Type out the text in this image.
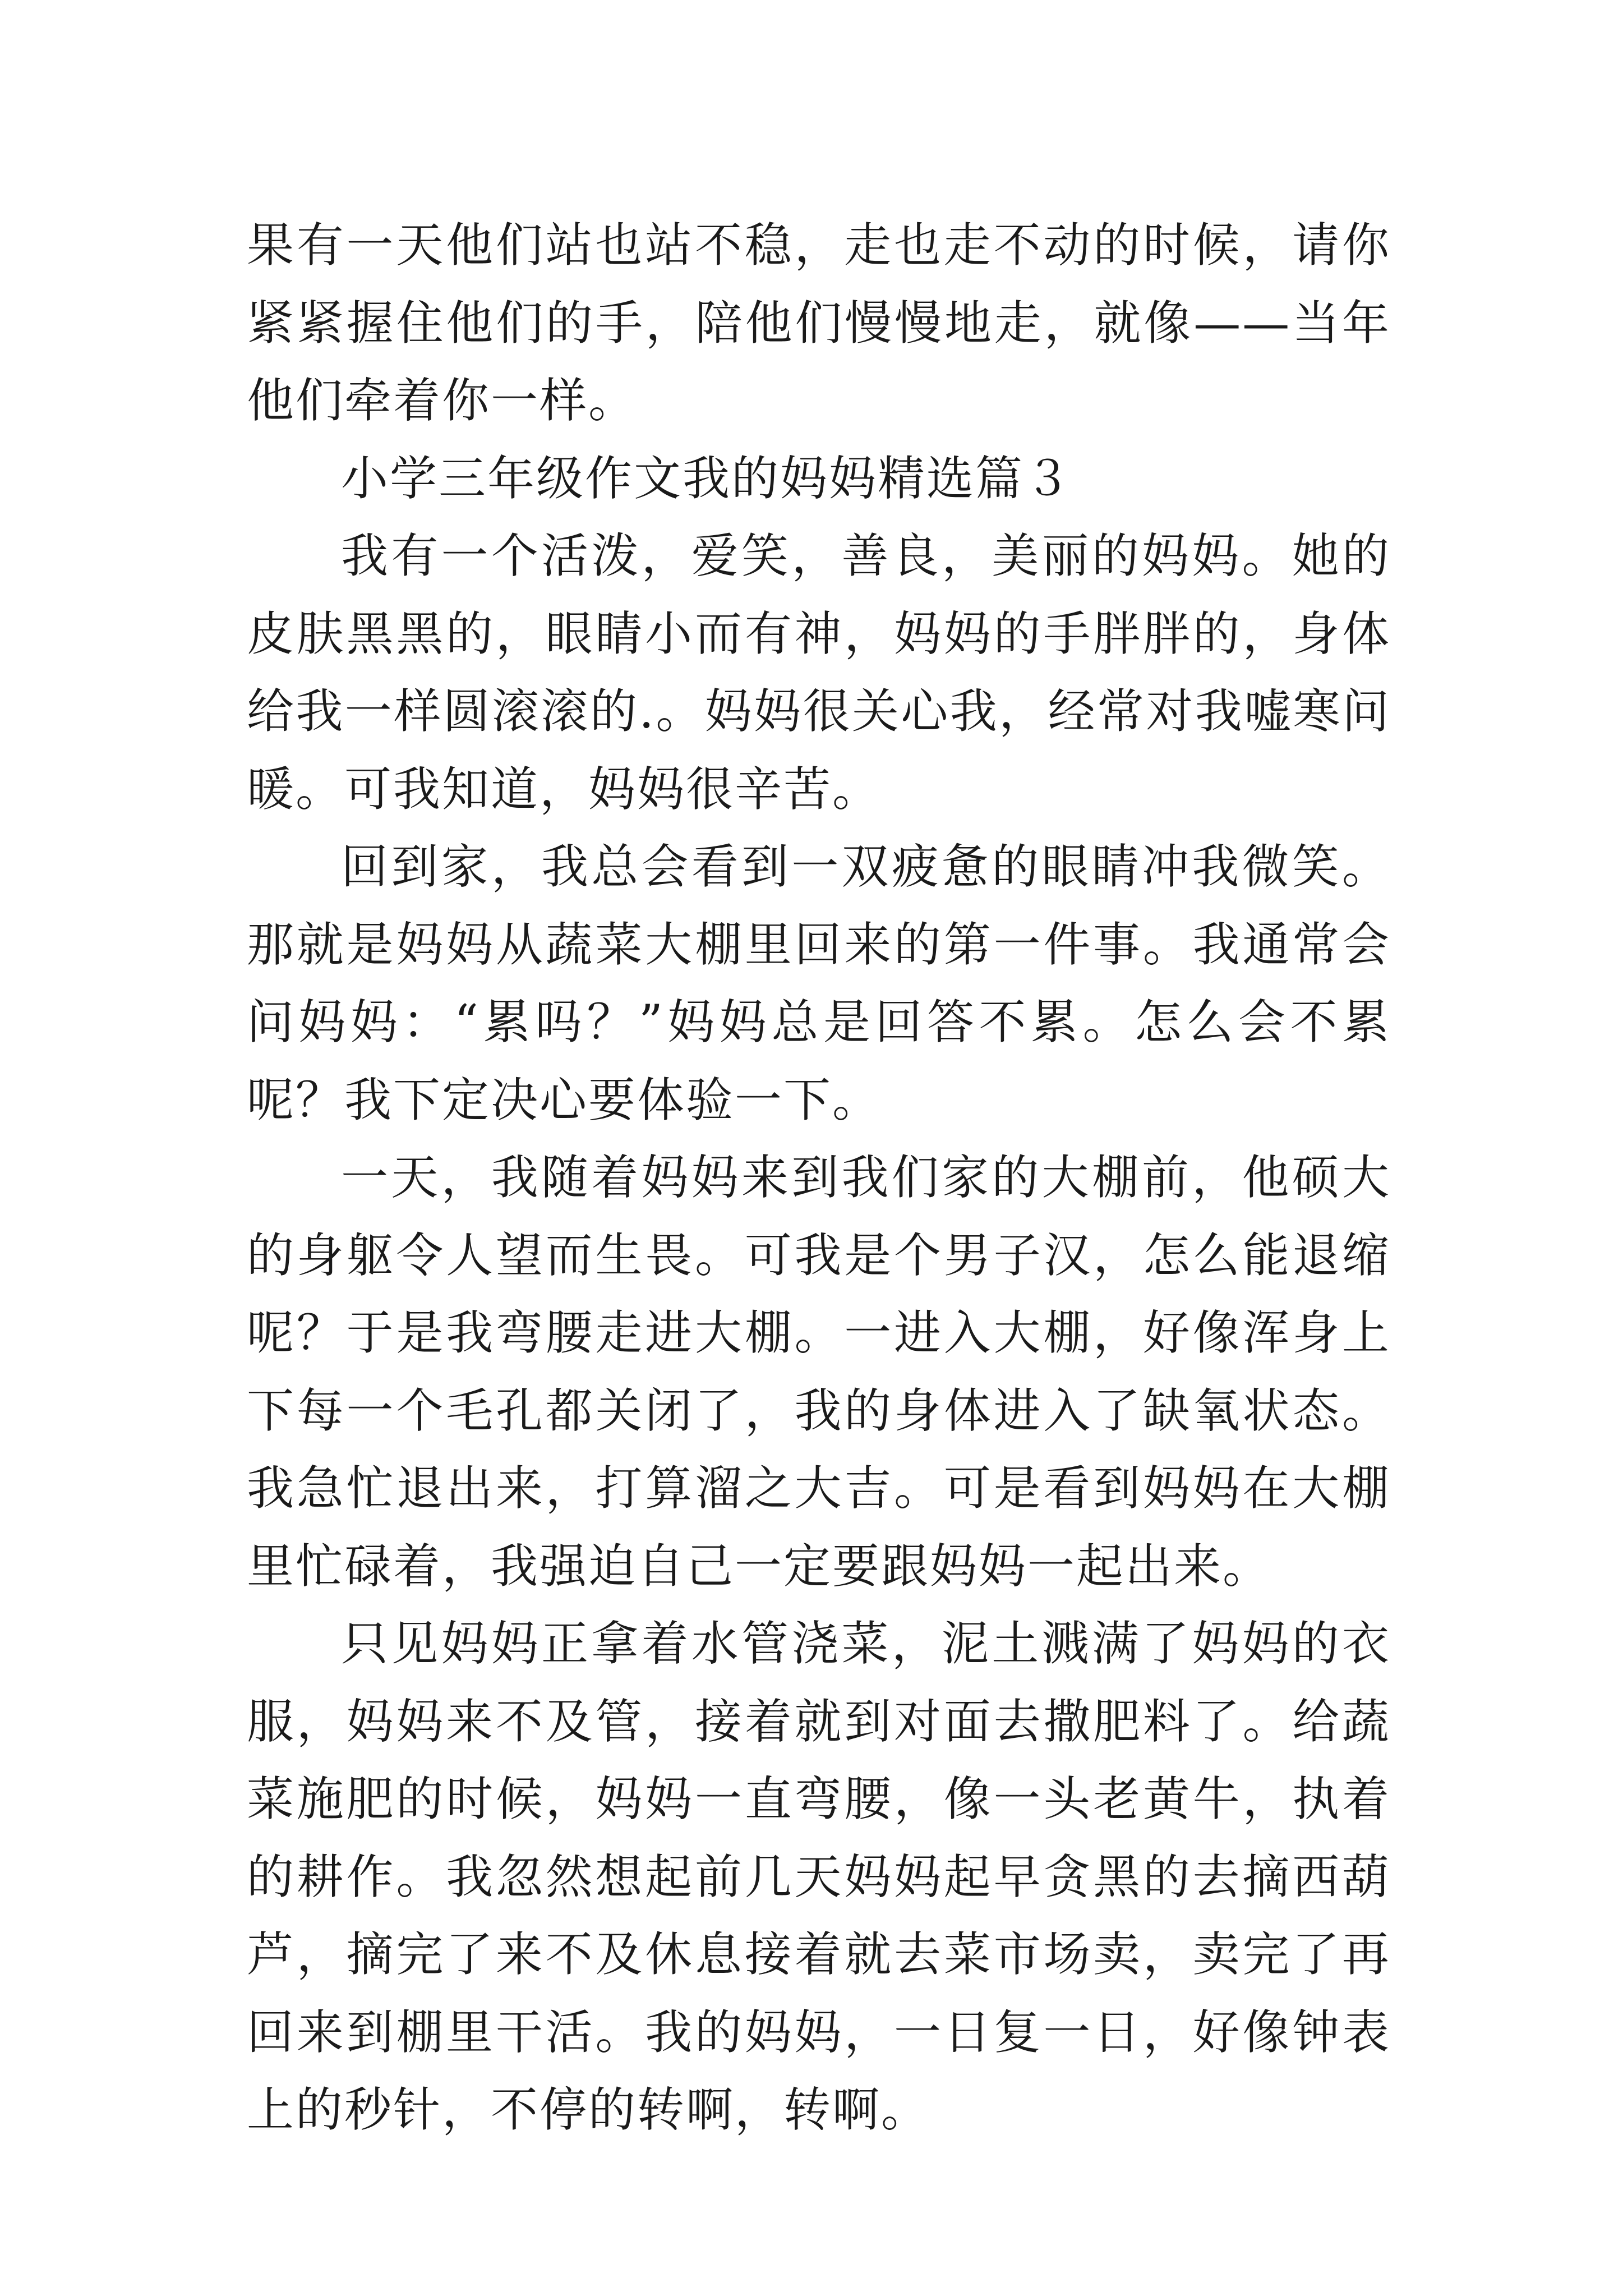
果有一天他们站也站不稳，走也走不动的时候，请你紧紧握住他们的手，陪他们慢慢地走，就像——当年他们牵着你一样。

小学三年级作文我的妈妈精选篇３

我有一个活泼，爱笑，善良，美丽的妈妈。她的皮肤黑黑的，眼睛小而有神，妈妈的手胖胖的，身体给我一样圆滚滚的.。妈妈很关心我，经常对我嘘寒问暖。可我知道，妈妈很辛苦。

回到家，我总会看到一双疲惫的眼睛冲我微笑。那就是妈妈从蔬菜大棚里回来的第一件事。我通常会问妈妈：“累吗？”妈妈总是回答不累。怎么会不累呢？我下定决心要体验一下。

一天，我随着妈妈来到我们家的大棚前，他硕大的身躯令人望而生畏。可我是个男子汉，怎么能退缩呢？于是我弯腰走进大棚。一进入大棚，好像浑身上下每一个毛孔都关闭了，我的身体进入了缺氧状态。我急忙退出来，打算溜之大吉。可是看到妈妈在大棚里忙碌着，我强迫自己一定要跟妈妈一起出来。

只见妈妈正拿着水管浇菜，泥土溅满了妈妈的衣服，妈妈来不及管，接着就到对面去撒肥料了。给蔬菜施肥的时候，妈妈一直弯腰，像一头老黄牛，执着的耕作。我忽然想起前几天妈妈起早贪黑的去摘西葫芦，摘完了来不及休息接着就去菜市场卖，卖完了再回来到棚里干活。我的妈妈，一日复一日，好像钟表上的秒针，不停的转啊，转啊。
